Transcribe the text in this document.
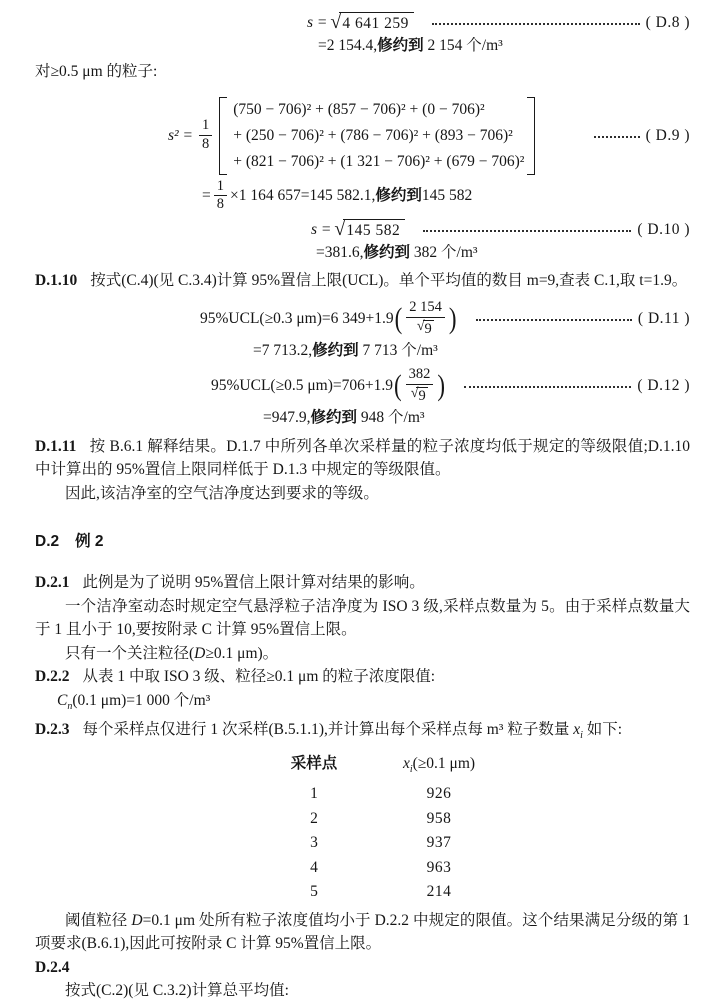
s = √ 4 641 259	( D.8 )
=2 154.4,修约到 2 154 个/m³

对≥0.5 μm 的粒子:

$s^2 = \frac{1}{8}$
(750 − 706)² + (857 − 706)² + (0 − 706)²
+ (250 − 706)² + (786 − 706)² + (893 − 706)²
+ (821 − 706)² + (1 321 − 706)² + (679 − 706)²
( D.9 )
= $\frac{1}{8} \times 1$ 164 657=145 582.1, 修约到 145 582
s = √ 145 582	( D.10 )
=381.6,修约到 382 个/m³

D.1.10 按式(C.4)(见 C.3.4)计算 95%置信上限(UCL)。单个平均值的数目 m=9,查表 C.1,取 t=1.9。

95%UCL(≥0.3 μm)=6 349+1.9 ( $\frac{2 154}{√ 9}$ )	( D.11 )
=7 713.2,修约到 7 713 个/m³
95%UCL(≥0.5 μm)=706+1.9 ( $\frac{382}{√ 9}$ )	( D.12 )
=947.9,修约到 948 个/m³

D.1.11 按 B.6.1 解释结果。D.1.7 中所列各单次采样量的粒子浓度均低于规定的等级限值;D.1.10 中计算出的 95%置信上限同样低于 D.1.3 中规定的等级限值。

因此,该洁净室的空气洁净度达到要求的等级。

D.2 例 2

D.2.1 此例是为了说明 95%置信上限计算对结果的影响。

一个洁净室动态时规定空气悬浮粒子洁净度为 ISO 3 级,采样点数量为 5。由于采样点数量大于 1 且小于 10,要按附录 C 计算 95%置信上限。

只有一个关注粒径(D≥0.1 μm)。

D.2.2 从表 1 中取 ISO 3 级、粒径≥0.1 μm 的粒子浓度限值:

$C_n(0.1$ μm)=1 000 个/m³

D.2.3 每个采样点仅进行 1 次采样(B.5.1.1),并计算出每个采样点每 m³ 粒子数量 $x_i$ 如下:

采样点	$x_i(\ge 0.1$ μm)
1	926
2	958
3	937
4	963
5	214

阈值粒径 D=0.1 μm 处所有粒子浓度值均小于 D.2.2 中规定的限值。这个结果满足分级的第 1 项要求(B.6.1),因此可按附录 C 计算 95%置信上限。

D.2.4

按式(C.2)(见 C.3.2)计算总平均值:
